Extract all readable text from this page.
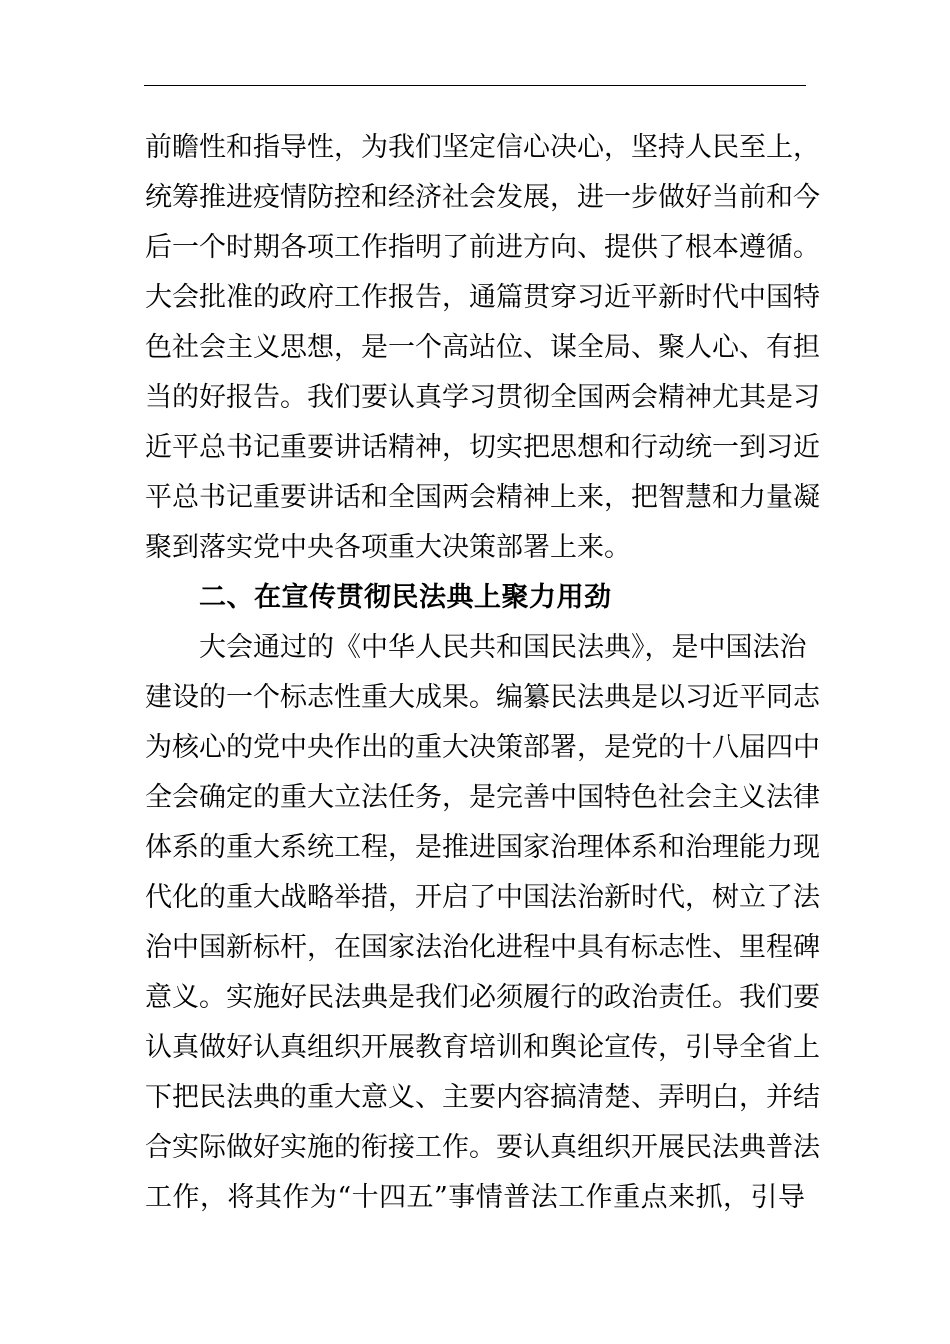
前瞻性和指导性，为我们坚定信心决心，坚持人民至上，
统筹推进疫情防控和经济社会发展，进一步做好当前和今
后一个时期各项工作指明了前进方向、提供了根本遵循。
大会批准的政府工作报告，通篇贯穿习近平新时代中国特
色社会主义思想，是一个高站位、谋全局、聚人心、有担
当的好报告。我们要认真学习贯彻全国两会精神尤其是习
近平总书记重要讲话精神，切实把思想和行动统一到习近
平总书记重要讲话和全国两会精神上来，把智慧和力量凝
聚到落实党中央各项重大决策部署上来。
二、在宣传贯彻民法典上聚力用劲
大会通过的《中华人民共和国民法典》，是中国法治
建设的一个标志性重大成果。编纂民法典是以习近平同志
为核心的党中央作出的重大决策部署，是党的十八届四中
全会确定的重大立法任务，是完善中国特色社会主义法律
体系的重大系统工程，是推进国家治理体系和治理能力现
代化的重大战略举措，开启了中国法治新时代，树立了法
治中国新标杆，在国家法治化进程中具有标志性、里程碑
意义。实施好民法典是我们必须履行的政治责任。我们要
认真做好认真组织开展教育培训和舆论宣传，引导全省上
下把民法典的重大意义、主要内容搞清楚、弄明白，并结
合实际做好实施的衔接工作。要认真组织开展民法典普法
工作，将其作为“十四五”事情普法工作重点来抓，引导
